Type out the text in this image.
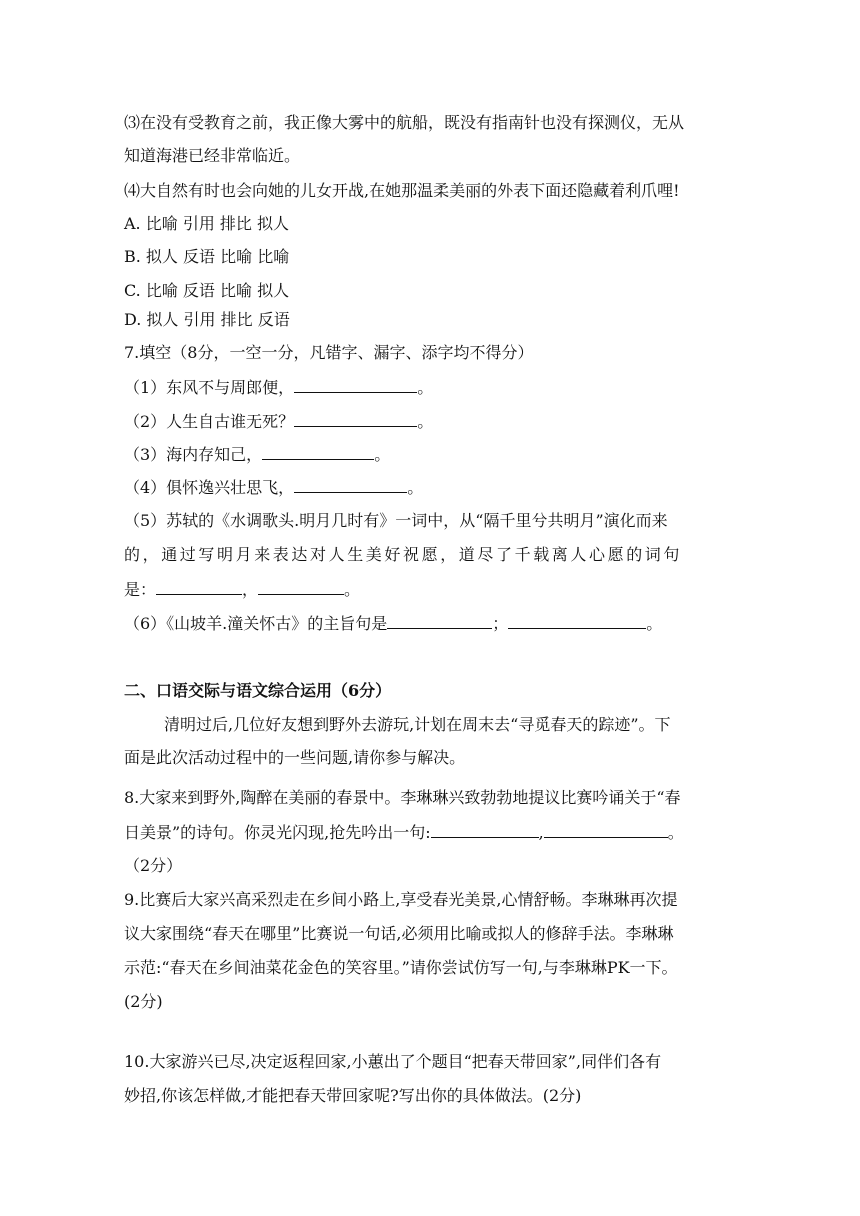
⑶在没有受教育之前，我正像大雾中的航船，既没有指南针也没有探测仪，无从
知道海港已经非常临近。
⑷大自然有时也会向她的儿女开战,在她那温柔美丽的外表下面还隐藏着利爪哩!
A. 比喻 引用 排比 拟人
B. 拟人 反语 比喻 比喻
C. 比喻 反语 比喻 拟人
D. 拟人 引用 排比 反语
7.填空（8分，一空一分，凡错字、漏字、添字均不得分）
（1）东风不与周郎便，	。
（2）人生自古谁无死？	。
（3）海内存知己，	。
（4）俱怀逸兴壮思飞，	。
（5）苏轼的《水调歌头.明月几时有》一词中，从“隔千里兮共明月”演化而来
的，通过写明月来表达对人生美好祝愿，道尽了千载离人心愿的词句
是：	，	。
（6）《山坡羊.潼关怀古》的主旨句是	；	。
二、口语交际与语文综合运用（6分）
清明过后,几位好友想到野外去游玩,计划在周末去“寻觅春天的踪迹”。下
面是此次活动过程中的一些问题,请你参与解决。
8.大家来到野外,陶醉在美丽的春景中。李琳琳兴致勃勃地提议比赛吟诵关于“春
日美景”的诗句。你灵光闪现,抢先吟出一句:	,	。
（2分）
9.比赛后大家兴高采烈走在乡间小路上,享受春光美景,心情舒畅。李琳琳再次提
议大家围绕“春天在哪里”比赛说一句话,必须用比喻或拟人的修辞手法。李琳琳
示范:“春天在乡间油菜花金色的笑容里。”请你尝试仿写一句,与李琳琳PK一下。
(2分)
10.大家游兴已尽,决定返程回家,小蕙出了个题目“把春天带回家”,同伴们各有
妙招,你该怎样做,才能把春天带回家呢?写出你的具体做法。(2分)
